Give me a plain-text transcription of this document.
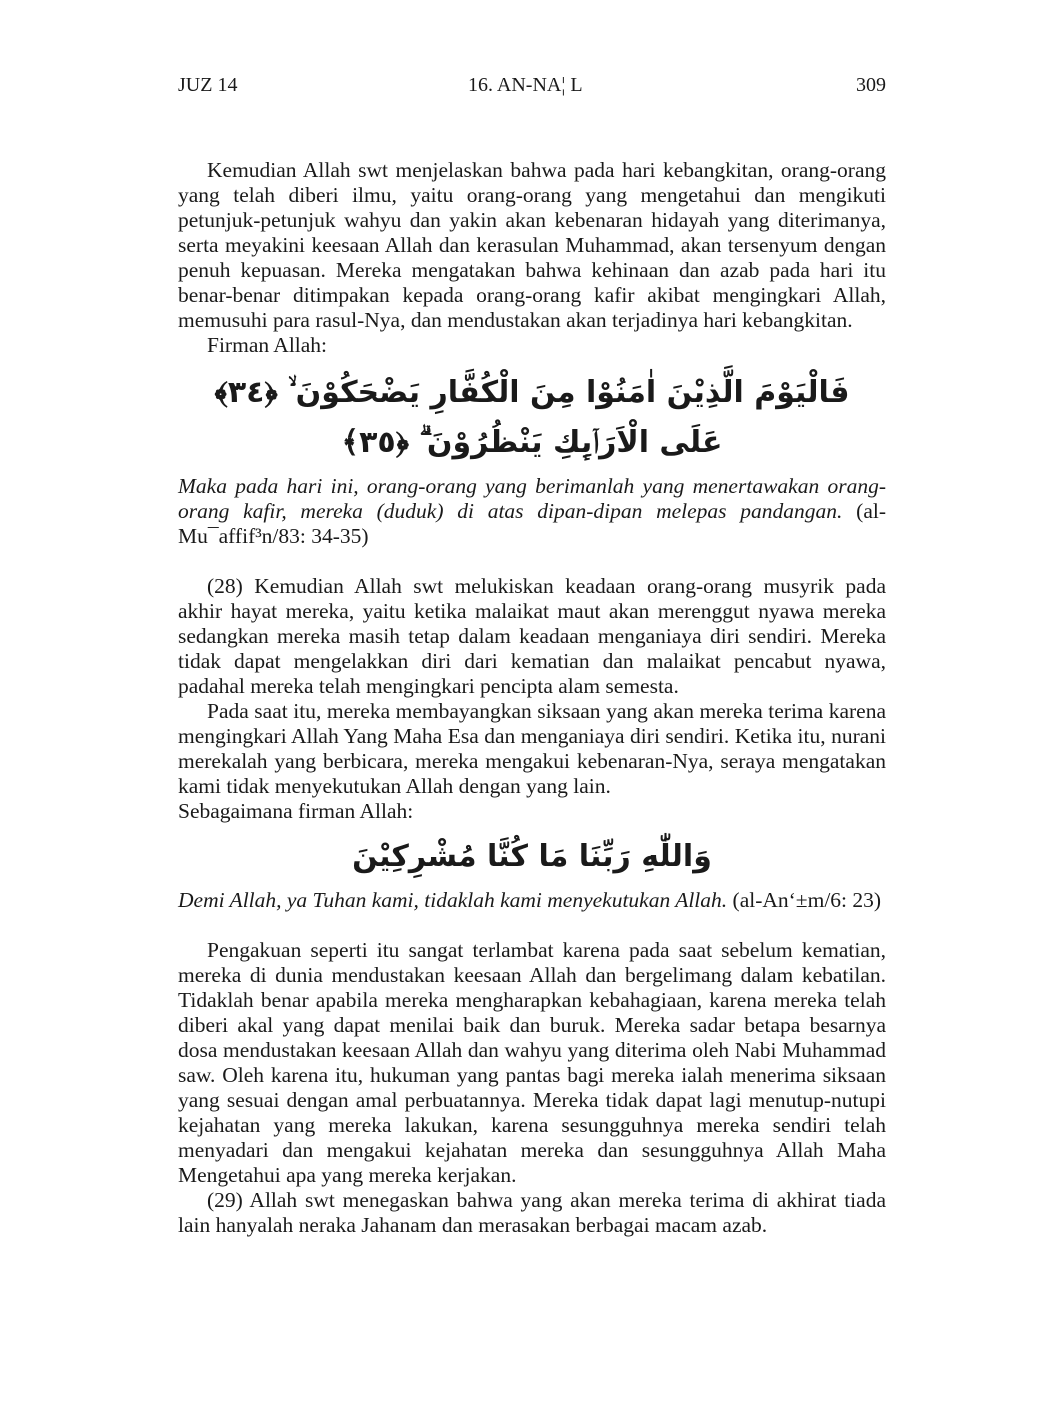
JUZ 14	16. AN-NA¦ L	309

Kemudian Allah swt menjelaskan bahwa pada hari kebangkitan, orang-orang yang telah diberi ilmu, yaitu orang-orang yang mengetahui dan mengikuti petunjuk-petunjuk wahyu dan yakin akan kebenaran hidayah yang diterimanya, serta meyakini keesaan Allah dan kerasulan Muhammad, akan tersenyum dengan penuh kepuasan. Mereka mengatakan bahwa kehinaan dan azab pada hari itu benar-benar ditimpakan kepada orang-orang kafir akibat mengingkari Allah, memusuhi para rasul-Nya, dan mendustakan akan terjadinya hari kebangkitan.

Firman Allah:

فَالْيَوْمَ الَّذِيْنَ اٰمَنُوْا مِنَ الْكُفَّارِ يَضْحَكُوْنَ ۙ ﴿٣٤﴾ عَلَى الْاَرَاۤىِٕكِ يَنْظُرُوْنَ ۗ ﴿٣٥﴾

Maka pada hari ini, orang-orang yang berimanlah yang menertawakan orang-orang kafir, mereka (duduk) di atas dipan-dipan melepas pandangan. (al-Mu¯affif³n/83: 34-35)

(28) Kemudian Allah swt melukiskan keadaan orang-orang musyrik pada akhir hayat mereka, yaitu ketika malaikat maut akan merenggut nyawa mereka sedangkan mereka masih tetap dalam keadaan menganiaya diri sendiri. Mereka tidak dapat mengelakkan diri dari kematian dan malaikat pencabut nyawa, padahal mereka telah mengingkari pencipta alam semesta.

Pada saat itu, mereka membayangkan siksaan yang akan mereka terima karena mengingkari Allah Yang Maha Esa dan menganiaya diri sendiri. Ketika itu, nurani merekalah yang berbicara, mereka mengakui kebenaran-Nya, seraya mengatakan kami tidak menyekutukan Allah dengan yang lain.

Sebagaimana firman Allah:

وَاللّٰهِ رَبِّنَا مَا كُنَّا مُشْرِكِيْنَ

Demi Allah, ya Tuhan kami, tidaklah kami menyekutukan Allah. (al-An‘±m/6: 23)

Pengakuan seperti itu sangat terlambat karena pada saat sebelum kematian, mereka di dunia mendustakan keesaan Allah dan bergelimang dalam kebatilan. Tidaklah benar apabila mereka mengharapkan kebahagiaan, karena mereka telah diberi akal yang dapat menilai baik dan buruk. Mereka sadar betapa besarnya dosa mendustakan keesaan Allah dan wahyu yang diterima oleh Nabi Muhammad saw. Oleh karena itu, hukuman yang pantas bagi mereka ialah menerima siksaan yang sesuai dengan amal perbuatannya. Mereka tidak dapat lagi menutup-nutupi kejahatan yang mereka lakukan, karena sesungguhnya mereka sendiri telah menyadari dan mengakui kejahatan mereka dan sesungguhnya Allah Maha Mengetahui apa yang mereka kerjakan.

(29) Allah swt menegaskan bahwa yang akan mereka terima di akhirat tiada lain hanyalah neraka Jahanam dan merasakan berbagai macam azab.
